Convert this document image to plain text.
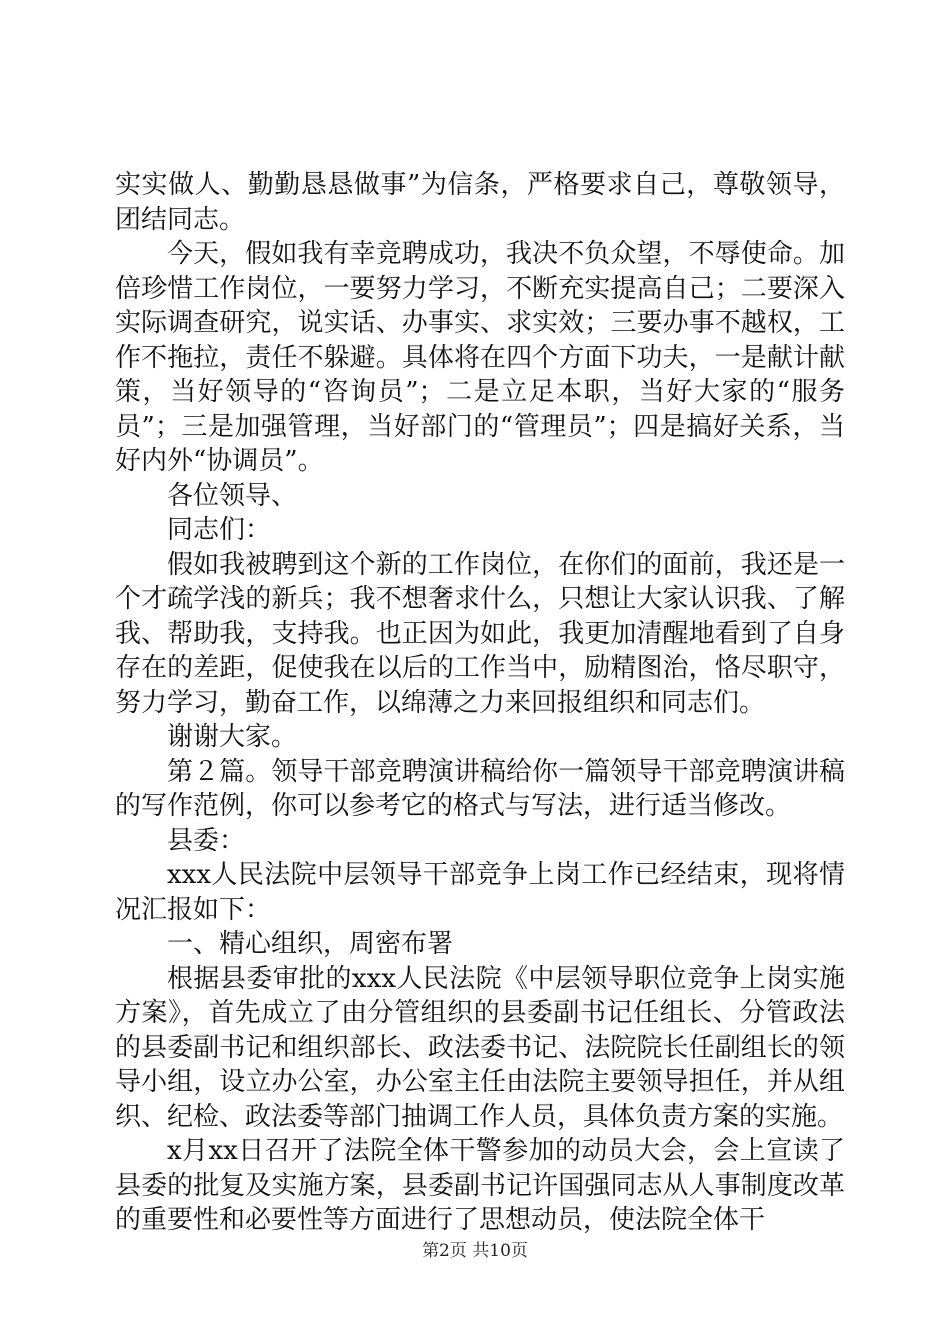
实实做人、勤勤恳恳做事”为信条，严格要求自己，尊敬领导，团结同志。

今天，假如我有幸竞聘成功，我决不负众望，不辱使命。加倍珍惜工作岗位，一要努力学习，不断充实提高自己；二要深入实际调查研究，说实话、办事实、求实效；三要办事不越权，工作不拖拉，责任不躲避。具体将在四个方面下功夫，一是献计献策，当好领导的“咨询员”；二是立足本职，当好大家的“服务员”；三是加强管理，当好部门的“管理员”；四是搞好关系，当好内外“协调员”。

各位领导、

同志们：

假如我被聘到这个新的工作岗位，在你们的面前，我还是一个才疏学浅的新兵；我不想奢求什么，只想让大家认识我、了解我、帮助我，支持我。也正因为如此，我更加清醒地看到了自身存在的差距，促使我在以后的工作当中，励精图治，恪尽职守，努力学习，勤奋工作，以绵薄之力来回报组织和同志们。

谢谢大家。

第２篇。领导干部竞聘演讲稿给你一篇领导干部竞聘演讲稿的写作范例，你可以参考它的格式与写法，进行适当修改。

县委：

xxx人民法院中层领导干部竞争上岗工作已经结束，现将情况汇报如下：

一、精心组织，周密布署

根据县委审批的xxx人民法院《中层领导职位竞争上岗实施方案》，首先成立了由分管组织的县委副书记任组长、分管政法的县委副书记和组织部长、政法委书记、法院院长任副组长的领导小组，设立办公室，办公室主任由法院主要领导担任，并从组织、纪检、政法委等部门抽调工作人员，具体负责方案的实施。

x月xx日召开了法院全体干警参加的动员大会，会上宣读了县委的批复及实施方案，县委副书记许国强同志从人事制度改革的重要性和必要性等方面进行了思想动员，使法院全体干

第2页 共10页
